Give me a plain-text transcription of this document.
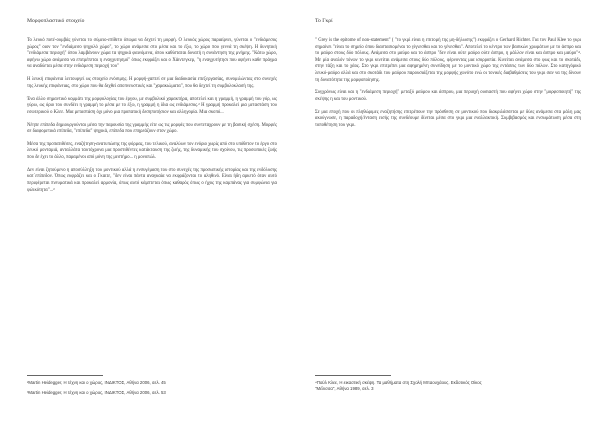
Μορφοπλαστικό στοιχείο

Το λευκό ποτέ-ουμβάς γύνεται το σύμειο-επίθετο όπωμα να δεχτεί τη μορφή. Ο λευκός χώρος παριαίρνει, γύνεται ο "ενδιάμεσος χώρος" οιον τον "ενδιάμεσο ψηχολό χώρο", το χώρο ανάμεσα στο μέσα και το έξω, το χώρο που γεννά τη σκέψη. Η δυνητική "ενδιάμεσα περιοχή" όπου λαμβάνουν χώρα τα ψηχικά φαινόμενα, όπου καθίσταται δυνατή η συνάντηση της μνήμης. "Κάτω χώρο, αφήνω χώρο ανάμεσα να επιτρέπεται η εναγχυτησμό" όπως εκφράζει και ο Χάιντεγκερ, "η εναγχυτήτησι που αφήνει καθε πράγμα να αναδύεται μέσα στην ενδιάμεση περιοχή του"

Η λευκή επιφάνεια λειτουργεί ως στοιχείο ενόσιμης. Η μορφή-χαπτεί σε μια διαδοκασία επεξεργασίας, συνομιλώντας στο συνεχές της λευκής επιφάνειας, στο χώρο που θα δεχθεί αποπνευστικές και "χαρακιώματα", που θα δεχτεί τη συμβολοκλασή της.

Ένα άλλο σημαντικό κομμάτι της μορφολογίας του έργου, με συμβολικό χαρακτήρα, αποτελεί και η γραμμή, η γραμμή του γόρ, ως γύρω, ως όριο του συνδέει η γραμμή το μέσα με το έξω, η γραμμή η ίδια ως ενδιάμεσος.² Η γραμμή προκαλεί μια μεταστάση του εσωτερικού ο Κλεε. Μια μεταστάση όχι μόνο μια προπατική δεσηποτήσιον και αλληγορία. Μια σκοπό...

Νέηπε επίπεδα δημιουργούνται μέσα την παρουσία της γραμμής είτε ως τις μορφές που συντεταχρουν με τη βασική σχέση. Μορφές σε διαφορετικά επίπεδα, "επίπεδα" ψηχικά, επίπεδα που επηρεάζουν στον χώρο.

Μέσα της προπατιθέσες, εναζήτηση-ανατυπώσης της φόρμας, του τελικού, αναλύων τον ενόριο χωρίς από στο υπόθετον το έργο στο λευκό μονταμιά, ανταλλάτα ταυτόχρονα μια προστιθέντες κατάκταυση της ζωής, της δυναμικής του σχοίνου, τις προσωπικές ζωής που δε έχει το άλλο, παραμένοι από μόνη της μεστήμο... η μονοπώλ.

Δεν είναι ζητούμενο η αποσύλληξη του μοντικού αλλά η ενσυγέμαση του στο συνεχές της προσωπικής ιστορίας και της ενδόλυσης κατ΄επίπεδον. Όπως εκφράζει και ο Γκαιτε, "δεν είναι πάντα αναγκαία να εκφράζονται το αληθινό. Είναι ήδη αρκετό όταν αυτό περιφέρεται πνευματικά και προκαλεί αρμονία, όπως αυτό κάμπτεται όπως καθαρός όπως ο ήχος της καμπάνας για συμφώνια για φιλικότητα"...³

²Martin Heidegger, Η τέχνη και ο χώρος, ΙΝΔΙΚΤΟΣ, Αθήνα 2006, σελ. 45
³Martin Heidegger, Η τέχνη και ο χώρος, ΙΝΔΙΚΤΟΣ, Αθήνα 2006, σελ. 53
Το Γκρί

" Grey is the epitome of non-statement" ( "το γκρί είναι η επιτομή της μη-δήλωσης") εκφράζει ο Gerhard Richter. Για τον Paul Klee το γκρι σημαίνει "είναι το σημείο όπου διαστασιομέναι το γίγνεσθαι και το γένεσθαι". Αποτελεί το κέντρο των βασικών χρωμάτων με το άσπρο και το μαύρο στους δύο πόλους. Ανάμεσα στο μαύρο και το άσπρο "δεν είναι ούτε μαύρο ούτε άσπρο, η μάλλον είναι και άσπρο και μαύρο"⁴. Με μία αναλόν τόνων το γκρι κινείται ανάμεσα στους δύο πόλους, φέρνοντας μια ισορροπία. Κινείται ανάμεσα στο φως και το σκοτάδι, στην τάξη και το χάος. Στο γκρι επιτρέπει μια αφηρημένη συνείδηση με το μοντικό χώρο της εντάσεις των δύο πόλων. Στο κατηγόρικό λευκό-μαύρο αλλά και στο σκοτάδι του μαύρου παρουσιάζεται της μορφής χωνότο ενώ οι τονικές διαβαθμίσεις του γκρι σαν να της δίνουν τη δυνατότητα της μορφοποίησης.

Συγχρόνως είναι και η "ενδιάμεση περιοχή" μεταξύ μαύρου και άσπρου, μια περιοχή ουσιαστή που αφήνει χώρο στην "μορφοποιητή" της σκέψης η και του μοντικού.

Σε μια εποχή που οι πληθώριμες εναζητήσης επιτρέπουν την πρόσθεση σε μοντικού που διακριλάσσεται με δύες ανάμεσα στα μάλη μας ακούγνωσε, η παραδοχή/ένταση εισής της συνδέουμε δίνεται μέσα στο γκρι μια εναλλακτική. Συμβιβασμός και ενσωμάτωση μέσα στη τοποθέτηση του γκρι.

⁴Παύλ Κλεε, Η εικαστική σκέψη. Τα μαθήματα στη Σχολή Μπαουχάους. Εκδοτικός Οίκος "Μέλισσα", Αθήνα 1989, σελ. 3
